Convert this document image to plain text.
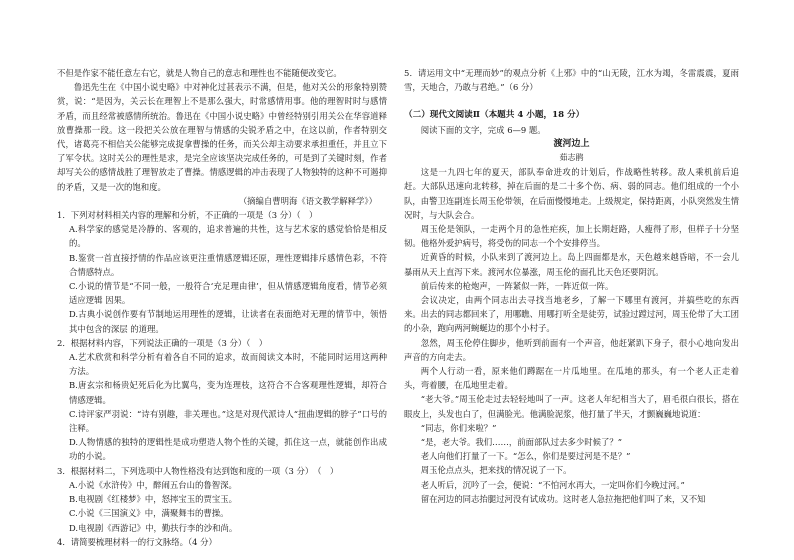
不但是作家不能任意左右它，就是人物自己的意志和理性也不能随便改变它。

鲁迅先生在《中国小说史略》中对神化过甚表示不满，但是，他对关公的形象特别赞赏，说：“是因为，关云长在理智上不是那么强大，时常感情用事。他的理智时时与感情矛盾，而且经常被感情所统治。鲁迅在《中国小说史略》中曾经特别引用关公在华容道释放曹操那一段。这一段把关公放在理智与情感的尖锐矛盾之中，在这以前，作者特别交代，诸葛亮不相信关公能够完成捉拿曹操的任务，而关公却主动要求承担重任，并且立下了军令状。这时关公的理性是求，是完全应该坚决完成任务的，可是到了关键时刻，作者却写关公的感情战胜了理智放走了曹操。情感逻辑的冲击表现了人物独特的这种不可遏抑的矛盾，又是一次的饱和度。

（摘编自曹明海《语文教学解释学》）

1．下列对材料相关内容的理解和分析，不正确的一项是（3 分）（　）

A.科学家的感觉是冷静的、客观的，追求普遍的共性，这与艺术家的感觉恰恰是相反的。

B.鉴赏一首直接抒情的作品应该更注重情感逻辑还原，理性逻辑排斥感情色彩，不符合情感特点。

C.小说的情节是“不同一般，一般符合‘充足理由律’，但从情感逻辑角度看，情节必须适应逻辑 因果。

D.古典小说创作要有节制地运用理性的逻辑，让读者在表面绝对无理的情节中，领悟其中包含的深层 的道理。

2．根据材料内容，下列说法正确的一项是（3 分）（　）

A.艺术欣赏和科学分析有着各自不同的追求，故而阅读文本时，不能同时运用这两种方法。

B.唐玄宗和杨贵妃死后化为比翼鸟，变为连理枝，这符合不合客观理性逻辑，却符合情感逻辑。

C.诗评家严羽说：“诗有别趣，非关理也。”这是对现代派诗人“扭曲逻辑的脖子”口号的注释。

D.人物情感的独特的逻辑性是成功塑造人物个性的关键，抓住这一点，就能创作出成功的小说。

3．根据材料二，下列选项中人物性格没有达到饱和度的一项（3 分）　（　）

A.小说《水浒传》中，醉闹五台山的鲁智深。

B.电视剧《红楼梦》中，怒摔宝玉的贾宝玉。

C.小说《三国演义》中，满聚舞韦的曹操。

D.电视剧《西游记》中，勤扶行李的沙和尚。

4．请简要梳理材料一的行文脉络。（4 分）

5．请运用文中“无理而妙”的观点分析《上邪》中的“山无陵，江水为竭，冬雷震震，夏雨雪，天地合，乃敢与君绝。”（6 分）

（二）现代文阅读Ⅱ（本题共 4 小题，18 分）

阅读下面的文字，完成 6—9 题。

渡河边上

茹志鹃

这是一九四七年的夏天，部队奉命进攻的计划后，作战略性转移。敌人乘机前后追赶。大部队迅速向北转移，掉在后面的是二十多个伤、病、弱的同志。他们组成的一个小队，由警卫连副连长周玉伦带领，在后面慢慢地走。上级规定，保持距离，小队突然发生情况时，与大队会合。

周玉伦是领队，一走两个月的急性疟疾，加上长期赶路，人瘦得了形，但样子十分坚韧。他格外爱护病号，将受伤的同志一个个安排停当。

近黄昏的时候，小队来到了渡河边上。岛上四面都是水，天色越来越昏暗，不一会儿暴雨从天上直泻下来。渡河水位暴涨，周玉伦的面孔比天色还要阴沉。

前后传来的枪炮声，一阵紧似一阵，一阵近似一阵。

会议决定，由两个同志出去寻找当地老乡，了解一下哪里有渡河，并搞些吃的东西来。出去的同志都回来了，用哪瞧、用哪打听全是徒劳，试验过蹚过河，周玉伦带了大工团的小杂，跑向两河蜿蜒边的那个小村子。

忽然，周玉伦停住脚步，他听到前面有一个声音，他赶紧趴下身子，很小心地向发出声音的方向走去。

两个人行动一看，原来他们蹲踞在一片瓜地里。在瓜地的那头，有一个老人正走着头，弯着腰，在瓜地里走着。

“老大爷。”周玉伦走过去轻轻地叫了一声。这老人年纪相当大了，眉毛很白很长，搭在眼皮上，头发也白了，但满脸光。他满脸泥浆，他打量了半天，才颤巍巍地说道：

“同志，你们来啦？”

“是，老大爷。我们……，前面部队过去多少时候了？”

老人向他们打量了一下。“怎么，你们是要过河是不是？”

周玉伦点点头，把来找的情况说了一下。

老人听后，沉吟了一会，便说：“不怕河水再大，一定叫你们今晚过河。”

留在河边的同志抬腿过河没有试成功。这时老人急拉拖把他们叫了来，又不知
